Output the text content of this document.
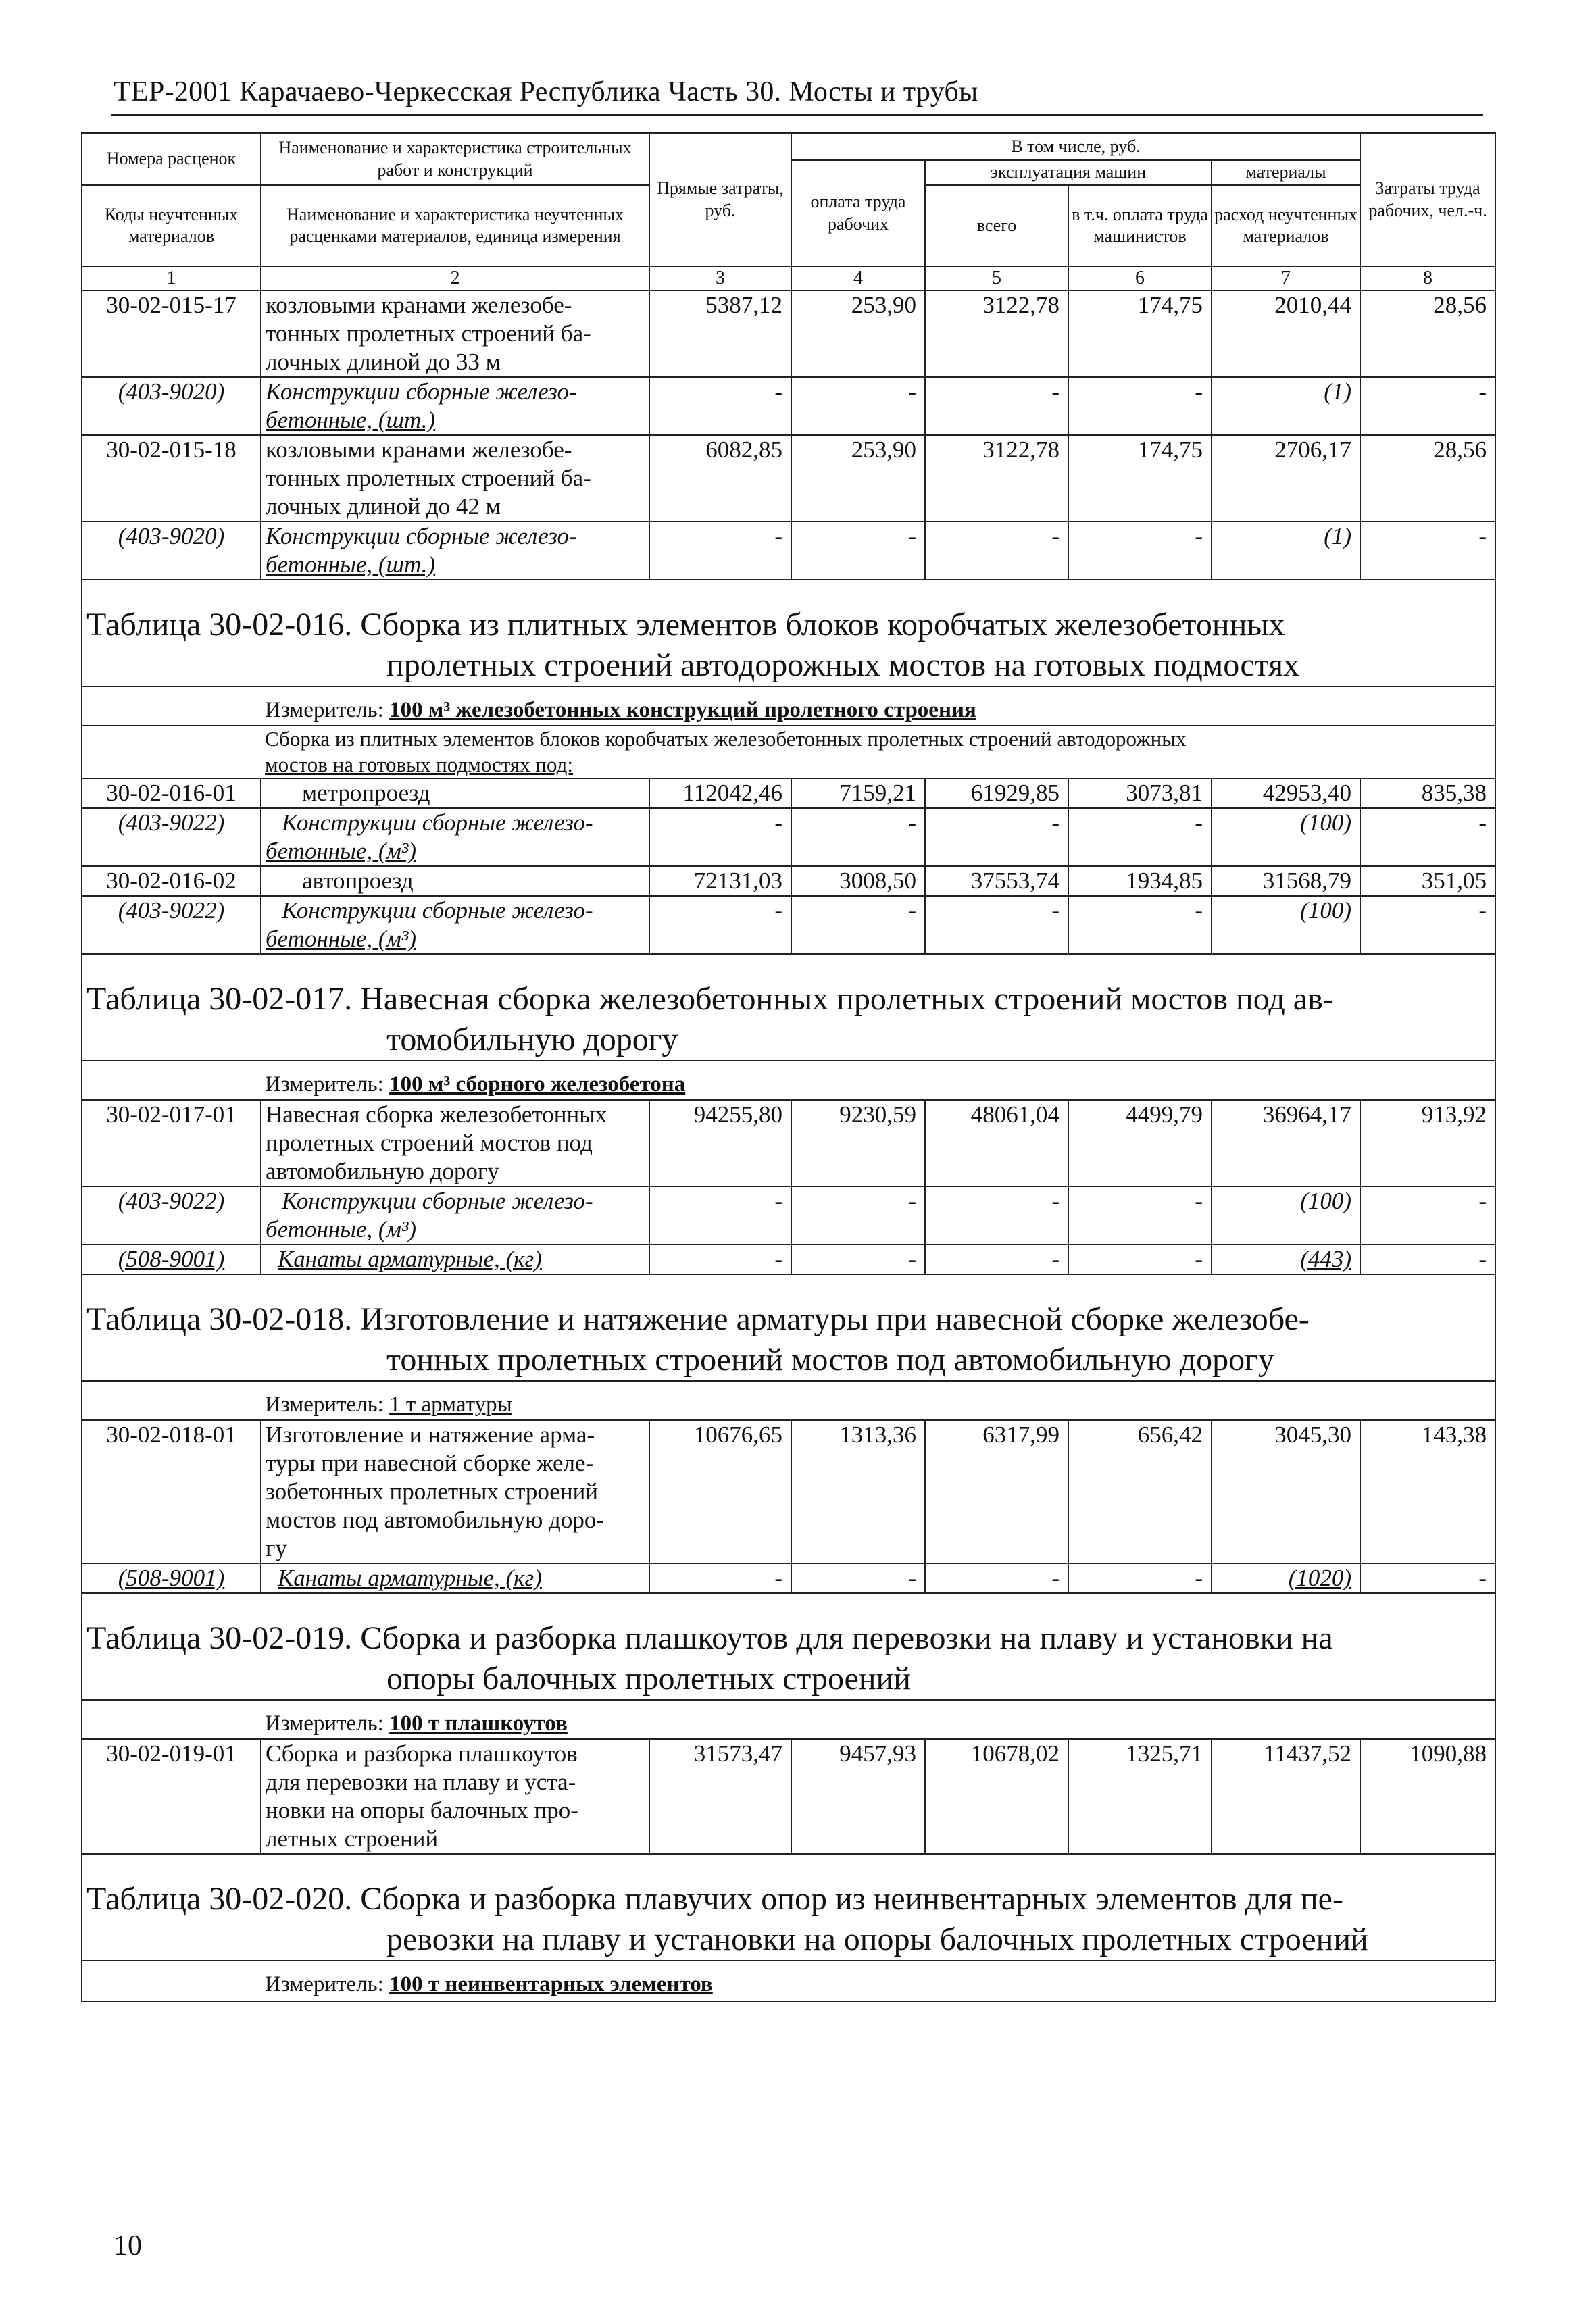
ТЕР-2001 Карачаево-Черкесская Республика Часть 30. Мосты и трубы
Номера расценок	Наименование и характеристика строительных работ и конструкций	Прямые затраты, руб.	В том числе, руб.				Затраты труда рабочих, чел.-ч.
			оплата труда рабочих	эксплуатация машин		материалы	
Коды неучтенных материалов	Наименование и характеристика неучтенных расценками материалов, единица измерения			всего	в т.ч. оплата труда машинистов	расход неучтенных материалов	

1	2	3	4	5	6	7	8
30-02-015-17	козловыми кранами железобе-
тонных пролетных строений ба-
лочных длиной до 33 м	5387,12	253,90	3122,78	174,75	2010,44	28,56
(403-9020)	Конструкции сборные железо-
бетонные, (шт.)	-	-	-	-	(1)	-
30-02-015-18	козловыми кранами железобе-
тонных пролетных строений ба-
лочных длиной до 42 м	6082,85	253,90	3122,78	174,75	2706,17	28,56
(403-9020)	Конструкции сборные железо-
бетонные, (шт.)	-	-	-	-	(1)	-
Таблица 30-02-016. Сборка из плитных элементов блоков коробчатых железобетонных
пролетных строений автодорожных мостов на готовых подмостях							

Измеритель: 100 м³ железобетонных конструкций пролетного строения							

Сборка из плитных элементов блоков коробчатых железобетонных пролетных строений автодорожных
мостов на готовых подмостях под:							

30-02-016-01	метропроезд	112042,46	7159,21	61929,85	3073,81	42953,40	835,38
(403-9022)	Конструкции сборные железо-
бетонные, (м³)	-	-	-	-	(100)	-
30-02-016-02	автопроезд	72131,03	3008,50	37553,74	1934,85	31568,79	351,05
(403-9022)	Конструкции сборные железо-
бетонные, (м³)	-	-	-	-	(100)	-
Таблица 30-02-017. Навесная сборка железобетонных пролетных строений мостов под ав-
томобильную дорогу							

Измеритель: 100 м³ сборного железобетона							
30-02-017-01	Навесная сборка железобетонных
пролетных строений мостов под
автомобильную дорогу	94255,80	9230,59	48061,04	4499,79	36964,17	913,92
(403-9022)	Конструкции сборные железо-
бетонные, (м³)	-	-	-	-	(100)	-
(508-9001)	Канаты арматурные, (кг)	-	-	-	-	(443)	-
Таблица 30-02-018. Изготовление и натяжение арматуры при навесной сборке железобе-
тонных пролетных строений мостов под автомобильную дорогу							

Измеритель: 1 т арматуры							
30-02-018-01	Изготовление и натяжение арма-
туры при навесной сборке желе-
зобетонных пролетных строений
мостов под автомобильную доро-
гу	10676,65	1313,36	6317,99	656,42	3045,30	143,38
(508-9001)	Канаты арматурные, (кг)	-	-	-	-	(1020)	-
Таблица 30-02-019. Сборка и разборка плашкоутов для перевозки на плаву и установки на
опоры балочных пролетных строений							

Измеритель: 100 т плашкоутов							
30-02-019-01	Сборка и разборка плашкоутов
для перевозки на плаву и уста-
новки на опоры балочных про-
летных строений	31573,47	9457,93	10678,02	1325,71	11437,52	1090,88
Таблица 30-02-020. Сборка и разборка плавучих опор из неинвентарных элементов для пе-
ревозки на плаву и установки на опоры балочных пролетных строений							

Измеритель: 100 т неинвентарных элементов							
10
